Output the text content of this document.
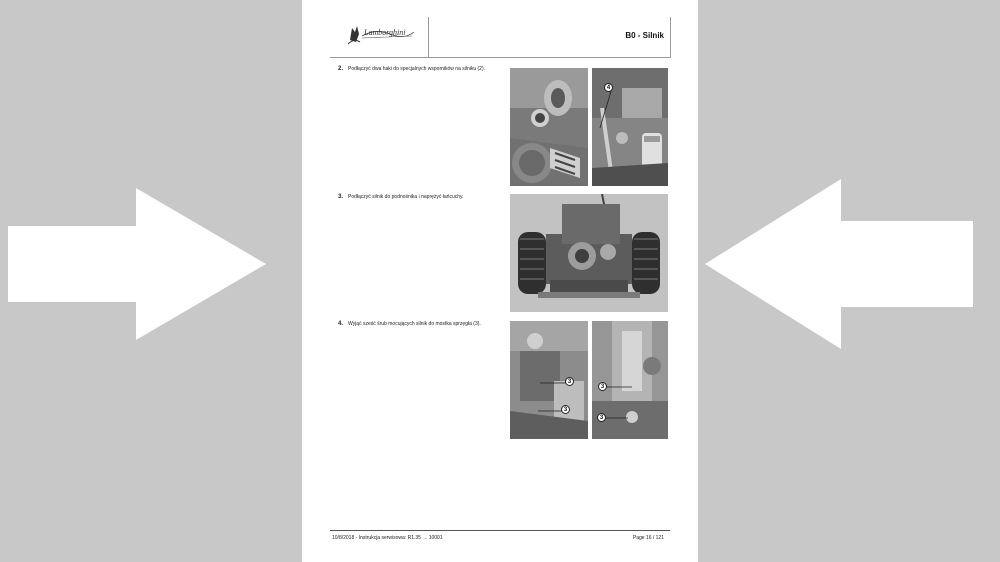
Lamborghini	B0 - Silnik
2. Podłączyć dwa haki do specjalnych wsporników na silniku (2).
4
3. Podłączyć silnik do podnośnika i naprężyć łańcuchy.
4. Wyjąć sześć śrub mocujących silnik do mostka sprzęgła (3).
3
3
3
3
10/8/2018 - Instrukcja serwisowa: R1.35 → 10001	Page 16 / 121
